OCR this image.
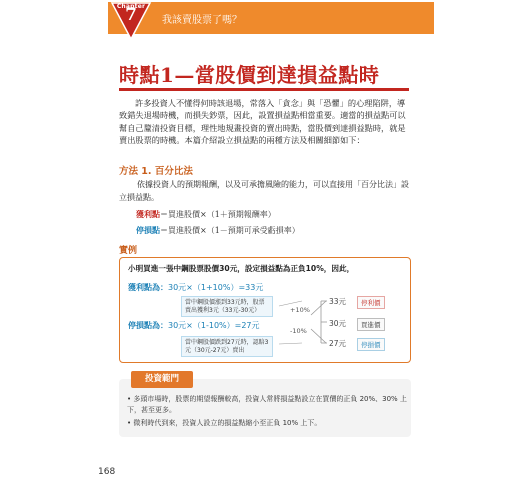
Chapter
7	我該賣股票了嗎？
時點1—當股價到達損益點時
許多投資人不懂得何時該退場，常落入「貪念」與「恐懼」的心理陷阱，導致錯失退場時機，而損失鈔票，因此，設置損益點相當重要。適當的損益點可以幫自己釐清投資目標，理性地規畫投資的賣出時點，當股價到達損益點時，就是賣出股票的時機。本篇介紹設立損益點的兩種方法及相關細節如下：
方法 1. 百分比法
依據投資人的預期報酬，以及可承擔風險的能力，可以直接用「百分比法」設立損益點。
獲利點＝買進股價×（1＋預期報酬率）
停損點＝買進股價×（1－預期可承受虧損率）
實例
小明買進一張中鋼股票股價30元，設定損益點為正負10%，因此，
獲利點為：30元×（1+10%）=33元
當中鋼股價漲到33元時，股票賣出獲利3元（33元-30元）
停損點為：30元×（1-10%）=27元
當中鋼股價跌到27元時，認賠3元（30元-27元）賣出
+10%
-10%
33元
30元
27元
停利價
買進價
停損價
投資範門
• 多頭市場時，股票的期望報酬較高，投資人常將損益點設立在買價的正負 20%、30% 上下，甚至更多。
• 微利時代到來，投資人設立的損益點縮小至正負 10% 上下。
168
